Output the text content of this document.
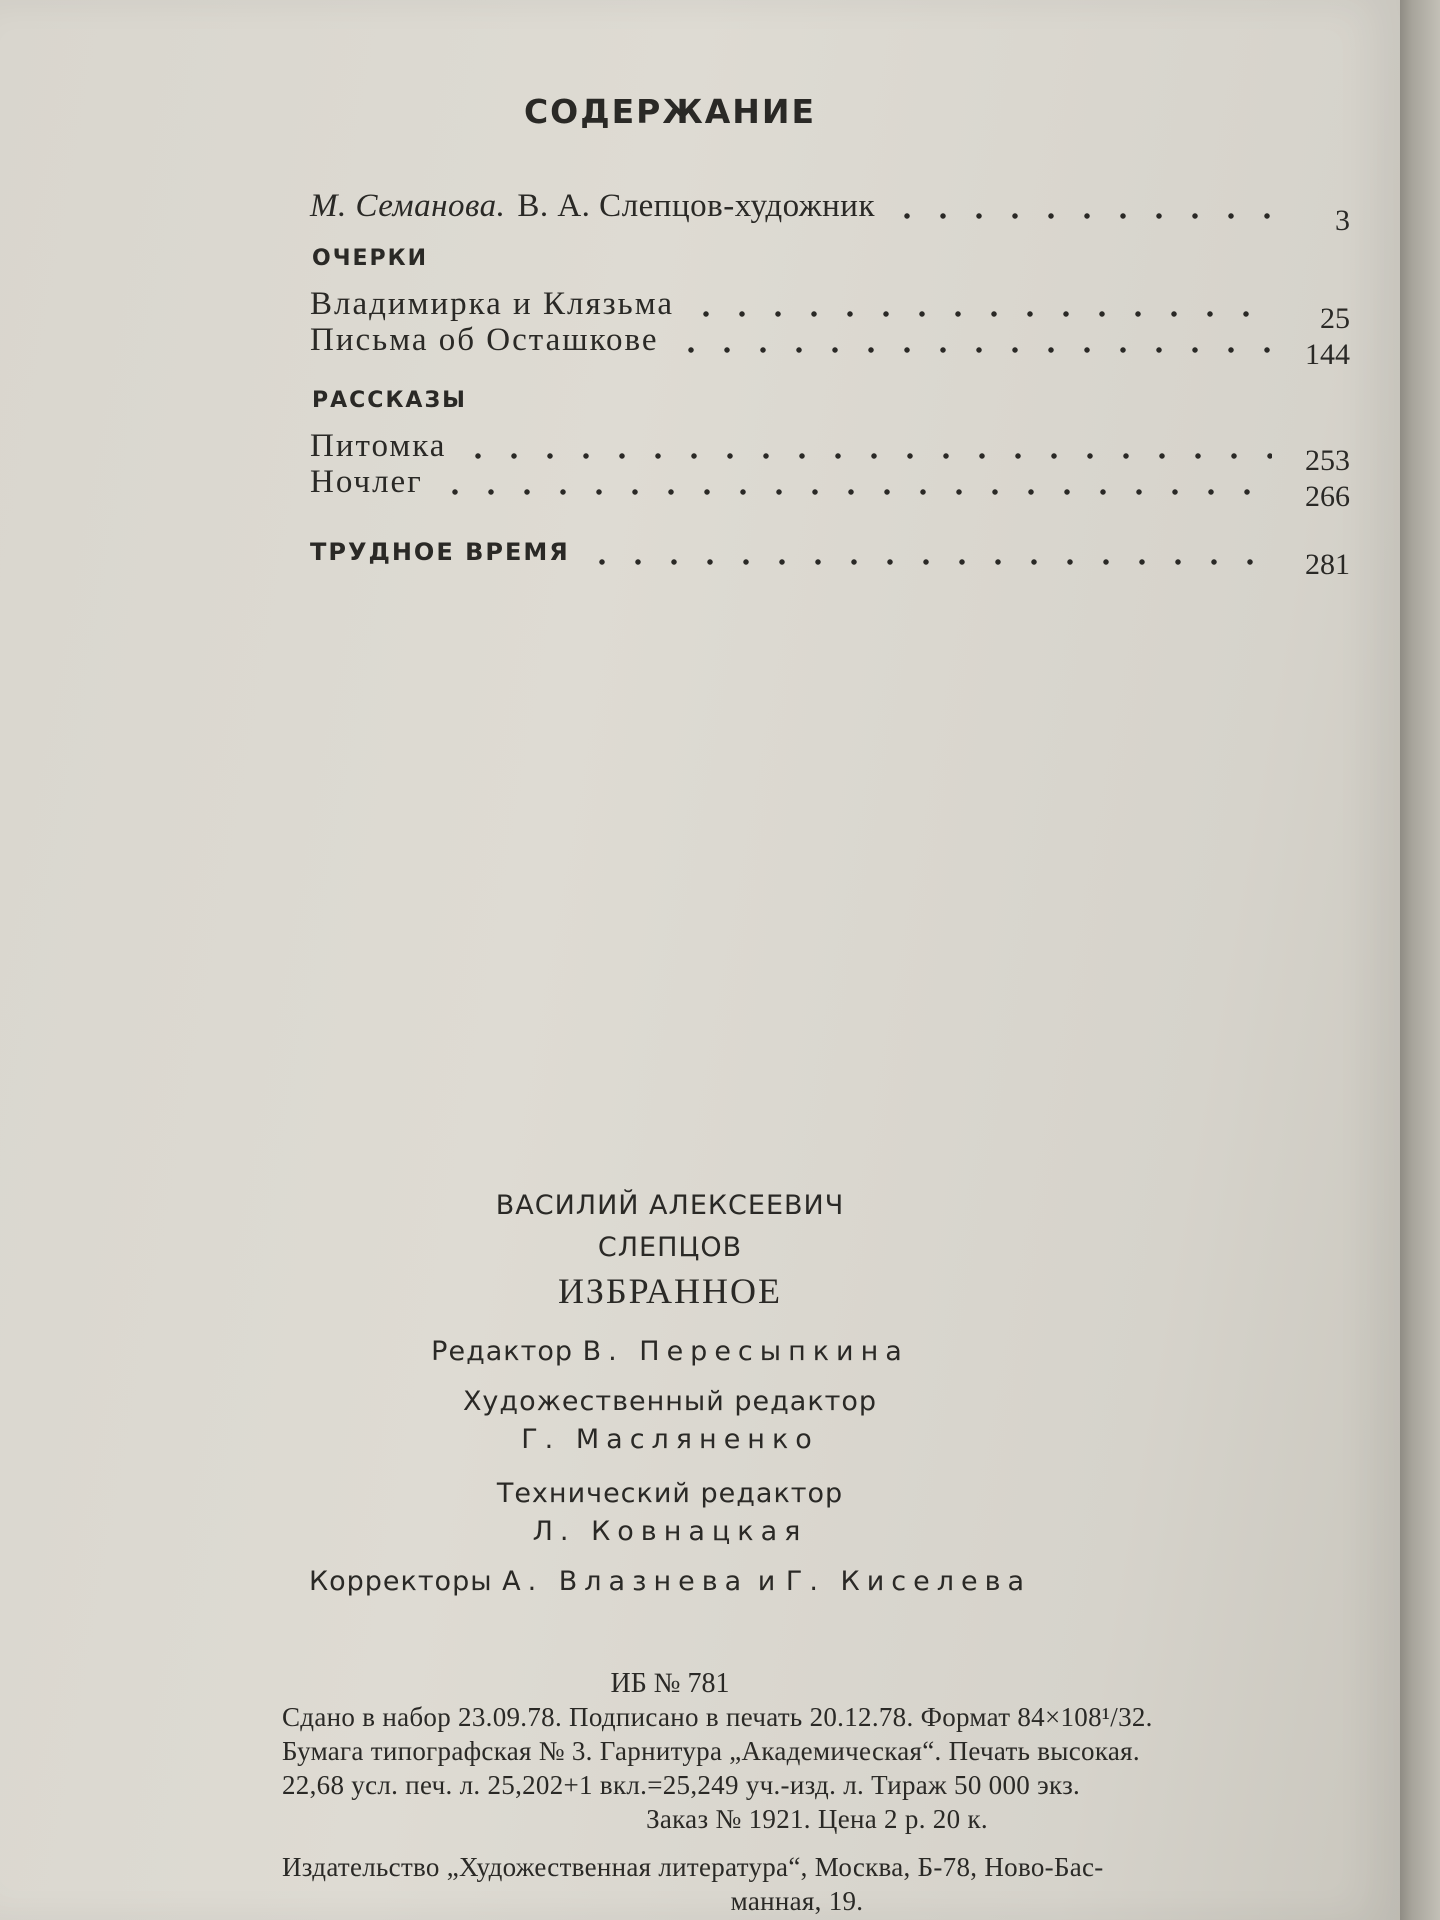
СОДЕРЖАНИЕ
М. Семанова. В. А. Слепцов-художник	3
ОЧЕРКИ
Владимирка и Клязьма	25
Письма об Осташкове	144
РАССКАЗЫ
Питомка	253
Ночлег	266
ТРУДНОЕ ВРЕМЯ	281
ВАСИЛИЙ АЛЕКСЕЕВИЧ
СЛЕПЦОВ
ИЗБРАННОЕ
Редактор В. Пересыпкина
Художественный редактор
Г. Масляненко
Технический редактор
Л. Ковнацкая
Корректоры А. Влазнева и Г. Киселева
ИБ № 781
Сдано в набор 23.09.78. Подписано в печать 20.12.78. Формат 84×108¹/32.
Бумага типографская № 3. Гарнитура „Академическая“. Печать высокая.
22,68 усл. печ. л. 25,202+1 вкл.=25,249 уч.-изд. л. Тираж 50 000 экз.
Заказ № 1921. Цена 2 р. 20 к.
Издательство „Художественная литература“, Москва, Б-78, Ново-Бас-
манная, 19.
